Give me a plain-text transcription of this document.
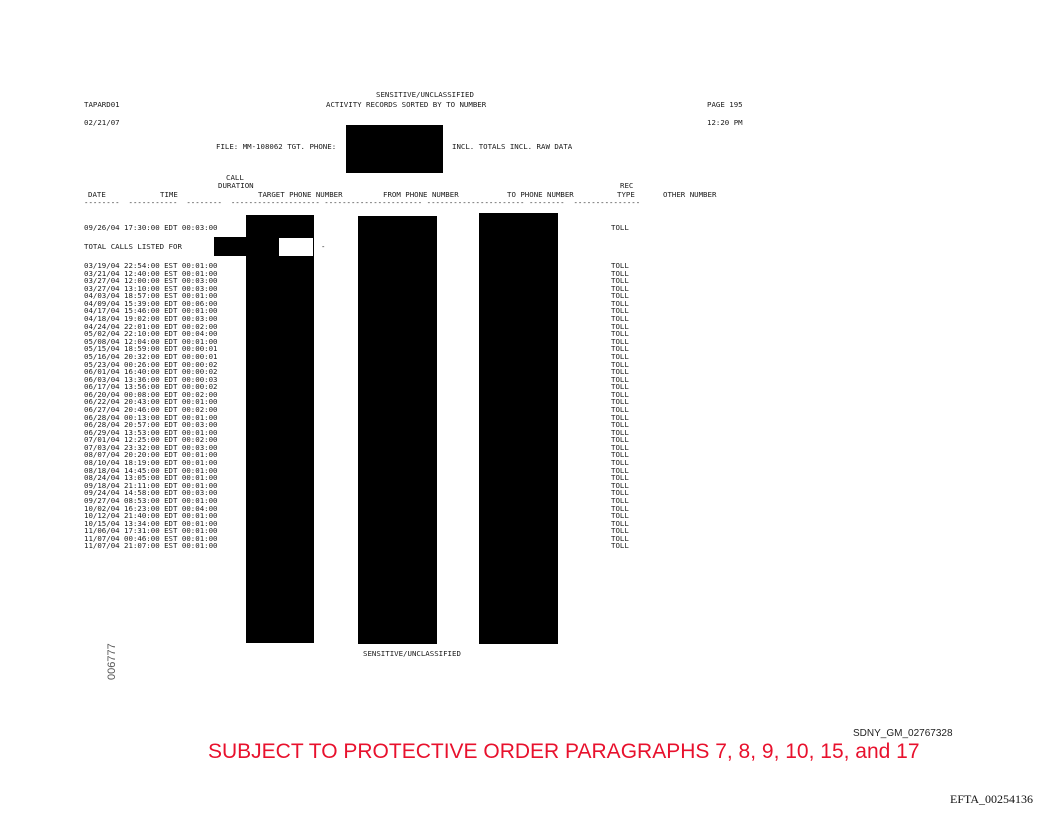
TAPARD01
SENSITIVE/UNCLASSIFIED
ACTIVITY RECORDS SORTED BY TO NUMBER	PAGE 195
02/21/07	12:20 PM
FILE: MM-108062 TGT. PHONE:	INCL. TOTALS INCL. RAW DATA
CALL
DURATION
DATE	TIME	TARGET PHONE NUMBER	FROM PHONE NUMBER	TO PHONE NUMBER
REC
TYPE	OTHER NUMBER
--------  -----------  --------  -------------------- ---------------------- ---------------------- --------  ---------------
09/26/04 17:30:00 EDT 00:03:00	TOLL
TOTAL CALLS LISTED FOR	-
03/19/04 22:54:00 EST 00:01:00	TOLL
03/21/04 12:40:00 EST 00:01:00	TOLL
03/27/04 12:00:00 EST 00:03:00	TOLL
03/27/04 13:10:00 EST 00:03:00	TOLL
04/03/04 18:57:00 EST 00:01:00	TOLL
04/09/04 15:39:00 EDT 00:06:00	TOLL
04/17/04 15:46:00 EDT 00:01:00	TOLL
04/18/04 19:02:00 EDT 00:03:00	TOLL
04/24/04 22:01:00 EDT 00:02:00	TOLL
05/02/04 22:10:00 EDT 00:04:00	TOLL
05/08/04 12:04:00 EDT 00:01:00	TOLL
05/15/04 18:59:00 EDT 00:00:01	TOLL
05/16/04 20:32:00 EDT 00:00:01	TOLL
05/23/04 00:26:00 EDT 00:00:02	TOLL
06/01/04 16:40:00 EDT 00:00:02	TOLL
06/03/04 13:36:00 EDT 00:00:03	TOLL
06/17/04 13:56:00 EDT 00:00:02	TOLL
06/20/04 00:08:00 EDT 00:02:00	TOLL
06/22/04 20:43:00 EDT 00:01:00	TOLL
06/27/04 20:46:00 EDT 00:02:00	TOLL
06/28/04 00:13:00 EDT 00:01:00	TOLL
06/28/04 20:57:00 EDT 00:03:00	TOLL
06/29/04 13:53:00 EDT 00:01:00	TOLL
07/01/04 12:25:00 EDT 00:02:00	TOLL
07/03/04 23:32:00 EDT 00:03:00	TOLL
08/07/04 20:20:00 EDT 00:01:00	TOLL
08/10/04 18:19:00 EDT 00:01:00	TOLL
08/18/04 14:45:00 EDT 00:01:00	TOLL
08/24/04 13:05:00 EDT 00:01:00	TOLL
09/18/04 21:11:00 EDT 00:01:00	TOLL
09/24/04 14:58:00 EDT 00:03:00	TOLL
09/27/04 08:53:00 EDT 00:01:00	TOLL
10/02/04 16:23:00 EDT 00:04:00	TOLL
10/12/04 21:40:00 EDT 00:01:00	TOLL
10/15/04 13:34:00 EDT 00:01:00	TOLL
11/06/04 17:31:00 EST 00:01:00	TOLL
11/07/04 00:46:00 EST 00:01:00	TOLL
11/07/04 21:07:00 EST 00:01:00	TOLL
SENSITIVE/UNCLASSIFIED
006777
SDNY_GM_02767328
SUBJECT TO PROTECTIVE ORDER PARAGRAPHS 7, 8, 9, 10, 15, and 17
EFTA_00254136
